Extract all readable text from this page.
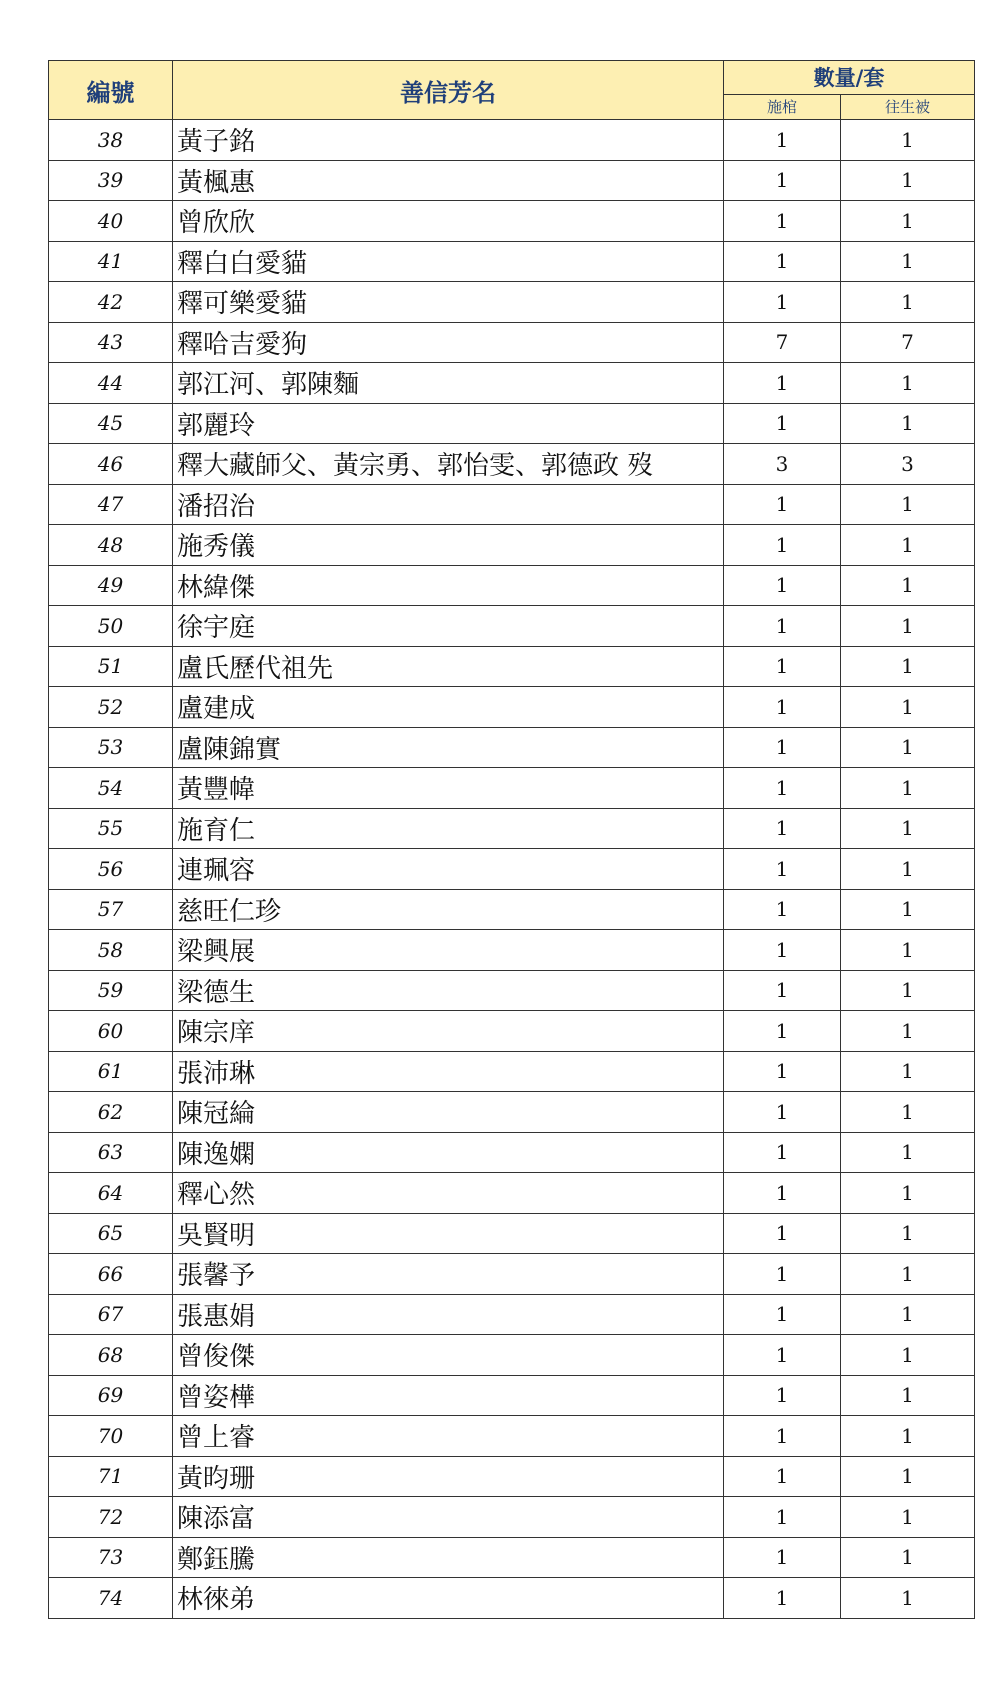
編號	善信芳名	數量/套	
		施棺	往生被
38	黃子銘	1	1
39	黃楓惠	1	1
40	曾欣欣	1	1
41	釋白白愛貓	1	1
42	釋可樂愛貓	1	1
43	釋哈吉愛狗	7	7
44	郭江河、郭陳麵	1	1
45	郭麗玲	1	1
46	釋大藏師父、黃宗勇、郭怡雯、郭德政 歿	3	3
47	潘招治	1	1
48	施秀儀	1	1
49	林緯傑	1	1
50	徐宇庭	1	1
51	盧氏歷代祖先	1	1
52	盧建成	1	1
53	盧陳錦實	1	1
54	黃豐幃	1	1
55	施育仁	1	1
56	連珮容	1	1
57	慈旺仁珍	1	1
58	梁興展	1	1
59	梁德生	1	1
60	陳宗庠	1	1
61	張沛琳	1	1
62	陳冠綸	1	1
63	陳逸嫻	1	1
64	釋心然	1	1
65	吳賢明	1	1
66	張馨予	1	1
67	張惠娟	1	1
68	曾俊傑	1	1
69	曾姿樺	1	1
70	曾上睿	1	1
71	黃昀珊	1	1
72	陳添富	1	1
73	鄭鈺騰	1	1
74	林徠弟	1	1
